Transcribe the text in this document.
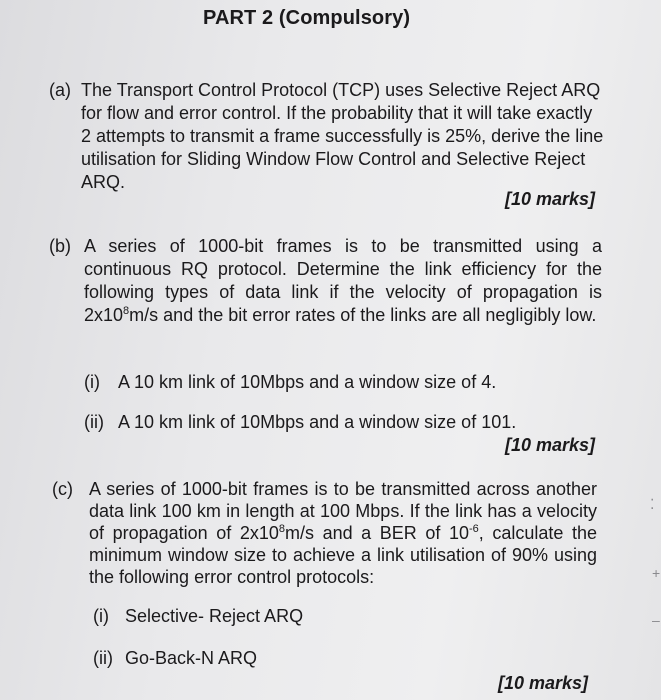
PART 2 (Compulsory)
(a) The Transport Control Protocol (TCP) uses Selective Reject ARQ for flow and error control. If the probability that it will take exactly 2 attempts to transmit a frame successfully is 25%, derive the line utilisation for Sliding Window Flow Control and Selective Reject ARQ.
[10 marks]
(b) A series of 1000-bit frames is to be transmitted using a continuous RQ protocol. Determine the link efficiency for the following types of data link if the velocity of propagation is $2x10^8m/s$ and the bit error rates of the links are all negligibly low.
(i) A 10 km link of 10Mbps and a window size of 4.
(ii) A 10 km link of 10Mbps and a window size of 101.
[10 marks]
(c) A series of 1000-bit frames is to be transmitted across another data link 100 km in length at 100 Mbps. If the link has a velocity of propagation of $2x10^8m/s$ and a BER of $10^{-6}$, calculate the minimum window size to achieve a link utilisation of 90% using the following error control protocols:
(i) Selective- Reject ARQ
(ii) Go-Back-N ARQ
[10 marks]
⁚
+
–
